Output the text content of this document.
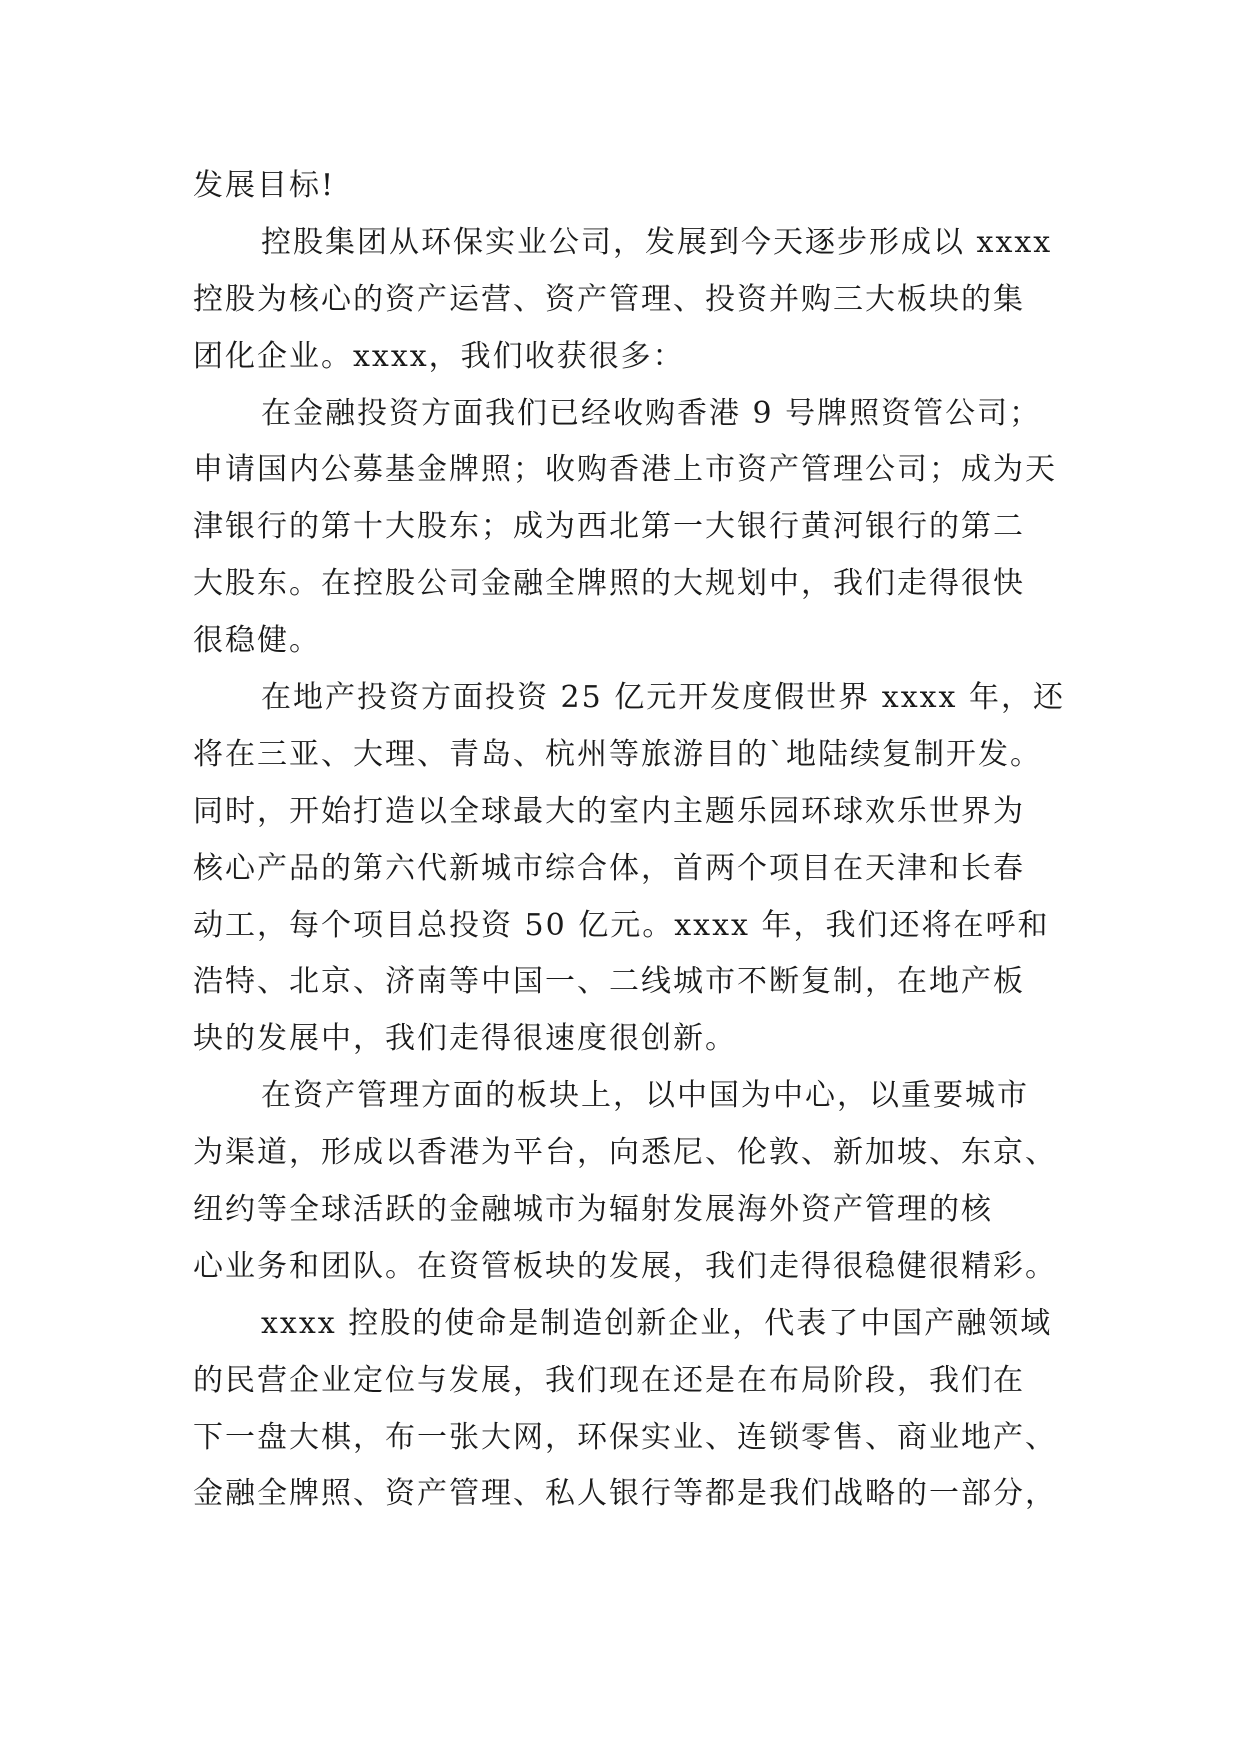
发展目标!
控股集团从环保实业公司，发展到今天逐步形成以 xxxx
控股为核心的资产运营、资产管理、投资并购三大板块的集
团化企业。xxxx，我们收获很多：
在金融投资方面我们已经收购香港 9 号牌照资管公司；
申请国内公募基金牌照；收购香港上市资产管理公司；成为天
津银行的第十大股东；成为西北第一大银行黄河银行的第二
大股东。在控股公司金融全牌照的大规划中，我们走得很快
很稳健。
在地产投资方面投资 25 亿元开发度假世界 xxxx 年，还
将在三亚、大理、青岛、杭州等旅游目的`地陆续复制开发。
同时，开始打造以全球最大的室内主题乐园环球欢乐世界为
核心产品的第六代新城市综合体，首两个项目在天津和长春
动工，每个项目总投资 50 亿元。xxxx 年，我们还将在呼和
浩特、北京、济南等中国一、二线城市不断复制，在地产板
块的发展中，我们走得很速度很创新。
在资产管理方面的板块上，以中国为中心，以重要城市
为渠道，形成以香港为平台，向悉尼、伦敦、新加坡、东京、
纽约等全球活跃的金融城市为辐射发展海外资产管理的核
心业务和团队。在资管板块的发展，我们走得很稳健很精彩。
xxxx 控股的使命是制造创新企业，代表了中国产融领域
的民营企业定位与发展，我们现在还是在布局阶段，我们在
下一盘大棋，布一张大网，环保实业、连锁零售、商业地产、
金融全牌照、资产管理、私人银行等都是我们战略的一部分，
